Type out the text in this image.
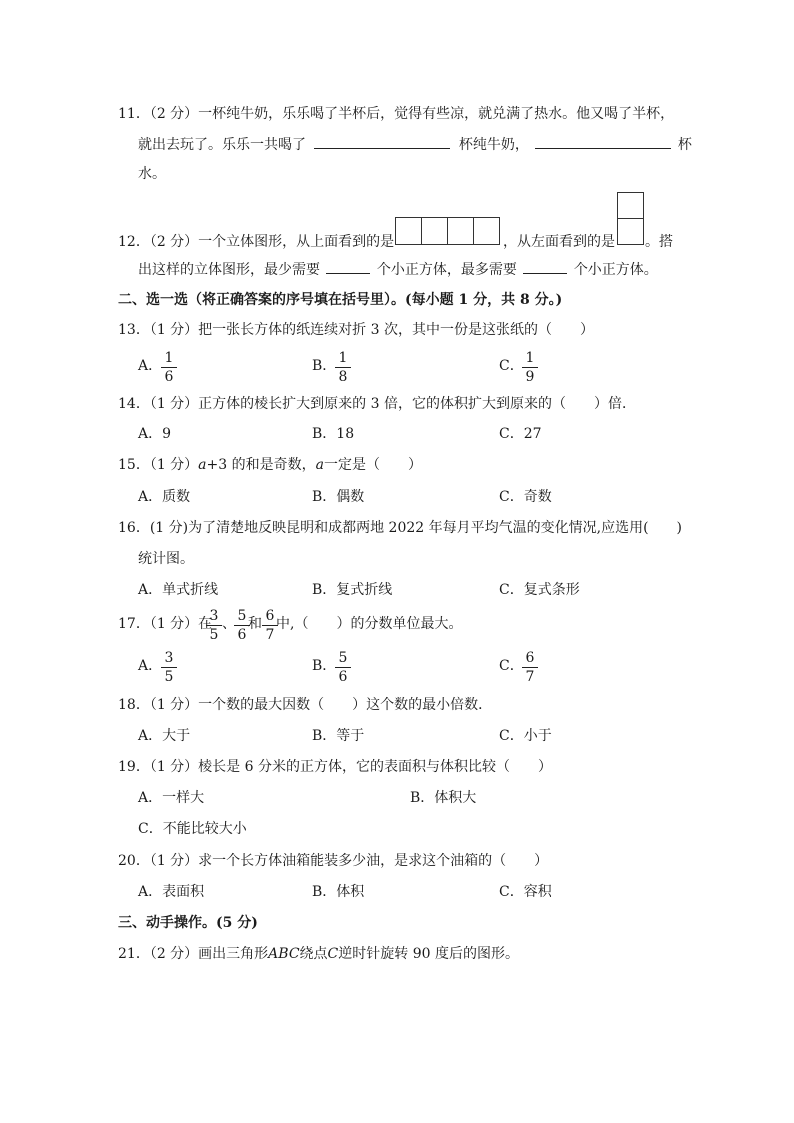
11．（2 分）一杯纯牛奶，乐乐喝了半杯后，觉得有些凉，就兑满了热水。他又喝了半杯，
就出去玩了。乐乐一共喝了	杯纯牛奶，	杯
水。
12．（2 分）一个立体图形，从上面看到的是	，从左面看到的是 。搭
出这样的立体图形，最少需要	个小正方体，最多需要	个小正方体。
二、选一选（将正确答案的序号填在括号里）。(每小题 1 分，共 8 分。)
13．（1 分）把一张长方体的纸连续对折 3 次，其中一份是这张纸的（　　）
A．
$\frac{1}{6}$	B．
$\frac{1}{8}$	C．
$\frac{1}{9}$
14．（1 分）正方体的棱长扩大到原来的 3 倍，它的体积扩大到原来的（　　）倍．
A．9	B．18	C．27
15．（1 分）a+3 的和是奇数，a一定是（　　）
A．质数	B．偶数	C．奇数
16．(1 分)为了清楚地反映昆明和成都两地 2022 年每月平均气温的变化情况,应选用(　　)
统计图。
A．单式折线	B．复式折线	C．复式条形
17．（1 分）在
$\frac{3}{5}$ 、
$\frac{5}{6}$
和 $\frac{6}{7}$
中,（　　）的分数单位最大。
A．
$\frac{3}{5}$	B．
$\frac{5}{6}$	C．
$\frac{6}{7}$
18．（1 分）一个数的最大因数（　　）这个数的最小倍数．
A．大于	B．等于	C．小于
19．（1 分）棱长是 6 分米的正方体，它的表面积与体积比较（　　）
A．一样大	B．体积大
C．不能比较大小
20．（1 分）求一个长方体油箱能装多少油，是求这个油箱的（　　）
A．表面积	B．体积	C．容积
三、动手操作。(5 分)
21．（2 分）画出三角形ABC绕点C逆时针旋转 90 度后的图形。
